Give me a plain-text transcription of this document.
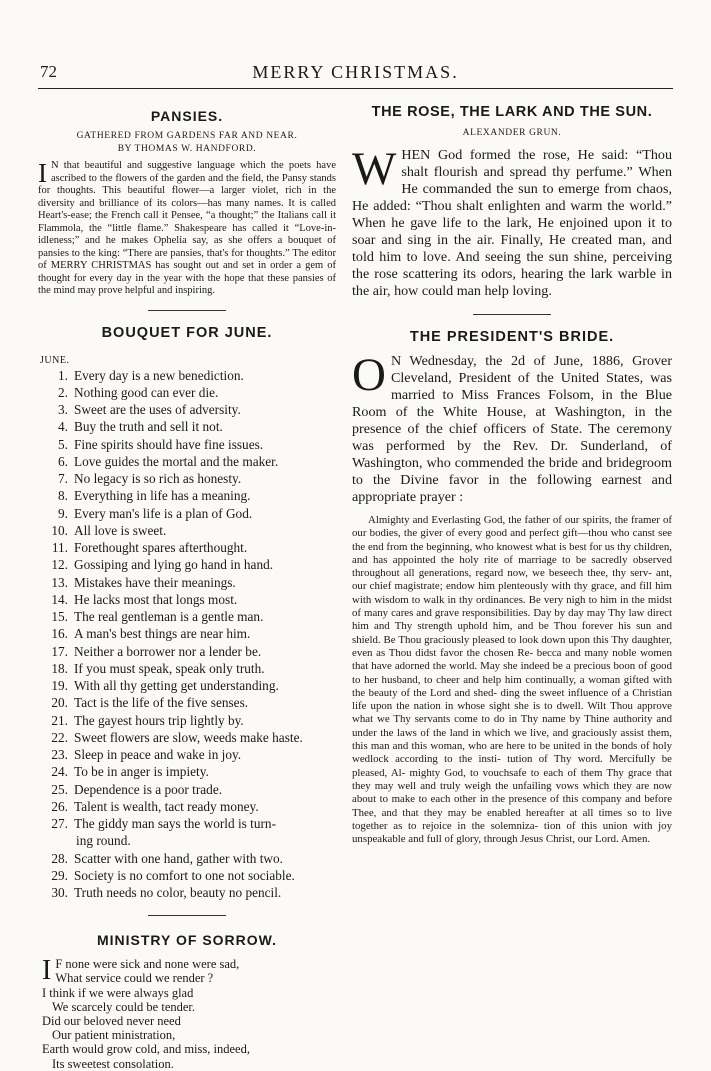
72	MERRY CHRISTMAS.
PANSIES.
GATHERED FROM GARDENS FAR AND NEAR.
BY THOMAS W. HANDFORD.
I N that beautiful and suggestive language which the poets have ascribed to the flowers of the garden and the field, the Pansy stands for thoughts. This beautiful flower—a larger violet, rich in the diversity and brilliance of its colors—has many names. It is called Heart's-ease; the French call it Pensee, “a thought;” the Italians call it Flammola, the “little flame.” Shakespeare has called it “Love-in-idleness;” and he makes Ophelia say, as she offers a bouquet of pansies to the king: “There are pansies, that's for thoughts.” The editor of MERRY CHRISTMAS has sought out and set in order a gem of thought for every day in the year with the hope that these pansies of the mind may prove helpful and inspiring.

BOUQUET FOR JUNE.
JUNE.
1. Every day is a new benediction.
2. Nothing good can ever die.
3. Sweet are the uses of adversity.
4. Buy the truth and sell it not.
5. Fine spirits should have fine issues.
6. Love guides the mortal and the maker.
7. No legacy is so rich as honesty.
8. Everything in life has a meaning.
9. Every man's life is a plan of God.
10. All love is sweet.
11. Forethought spares afterthought.
12. Gossiping and lying go hand in hand.
13. Mistakes have their meanings.
14. He lacks most that longs most.
15. The real gentleman is a gentle man.
16. A man's best things are near him.
17. Neither a borrower nor a lender be.
18. If you must speak, speak only truth.
19. With all thy getting get understanding.
20. Tact is the life of the five senses.
21. The gayest hours trip lightly by.
22. Sweet flowers are slow, weeds make haste.
23. Sleep in peace and wake in joy.
24. To be in anger is impiety.
25. Dependence is a poor trade.
26. Talent is wealth, tact ready money.
27. The giddy man says the world is turn-
ing round.
28. Scatter with one hand, gather with two.
29. Society is no comfort to one not sociable.
30. Truth needs no color, beauty no pencil.
MINISTRY OF SORROW.
I F none were sick and none were sad,

What service could we render ?

I think if we were always glad

We scarcely could be tender.

Did our beloved never need

Our patient ministration,

Earth would grow cold, and miss, indeed,

Its sweetest consolation.

THE ROSE, THE LARK AND THE SUN.
ALEXANDER GRUN.
W HEN God formed the rose, He said: “Thou shalt flourish and spread thy perfume.” When He commanded the sun to emerge from chaos, He added: “Thou shalt enlighten and warm the world.” When he gave life to the lark, He enjoined upon it to soar and sing in the air. Finally, He created man, and told him to love. And seeing the sun shine, perceiving the rose scattering its odors, hearing the lark warble in the air, how could man help loving.

THE PRESIDENT'S BRIDE.
O N Wednesday, the 2d of June, 1886, Grover Cleveland, President of the United States, was married to Miss Frances Folsom, in the Blue Room of the White House, at Washington, in the presence of the chief officers of State. The ceremony was performed by the Rev. Dr. Sunderland, of Washington, who commended the bride and bridegroom to the Divine favor in the following earnest and appropriate prayer :

Almighty and Everlasting God, the father of our spirits, the framer of our bodies, the giver of every good and perfect gift—thou who canst see the end from the beginning, who knowest what is best for us thy children, and has appointed the holy rite of marriage to be sacredly observed throughout all generations, regard now, we beseech thee, thy serv- ant, our chief magistrate; endow him plenteously with thy grace, and fill him with wisdom to walk in thy ordinances. Be very nigh to him in the midst of many cares and grave responsibilities. Day by day may Thy law direct him and Thy strength uphold him, and be Thou forever his sun and shield. Be Thou graciously pleased to look down upon this Thy daughter, even as Thou didst favor the chosen Re- becca and many noble women that have adorned the world. May she indeed be a precious boon of good to her husband, to cheer and help him continually, a woman gifted with the beauty of the Lord and shed- ding the sweet influence of a Christian life upon the nation in whose sight she is to dwell. Wilt Thou approve what we Thy servants come to do in Thy name by Thine authority and under the laws of the land in which we live, and graciously assist them, this man and this woman, who are here to be united in the bonds of holy wedlock according to the insti- tution of Thy word. Mercifully be pleased, Al- mighty God, to vouchsafe to each of them Thy grace that they may well and truly weigh the unfailing vows which they are now about to make to each other in the presence of this company and before Thee, and that they may be enabled hereafter at all times so to live together as to rejoice in the solemniza- tion of this union with joy unspeakable and full of glory, through Jesus Christ, our Lord. Amen.
